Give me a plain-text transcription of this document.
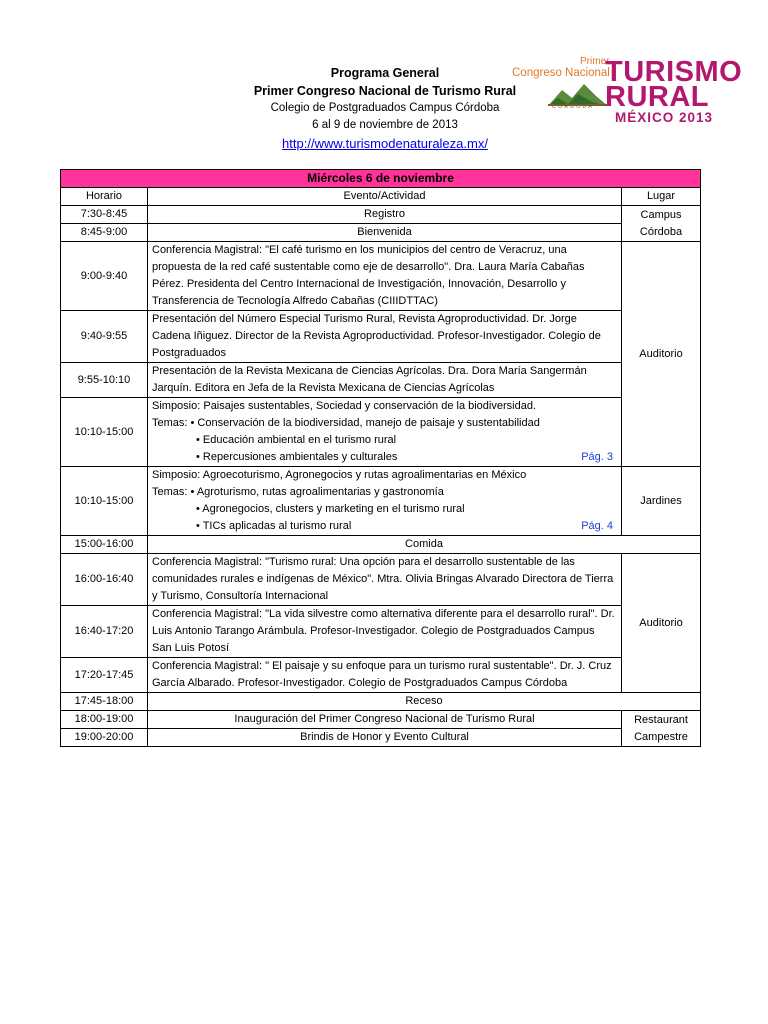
Programa General
Primer Congreso Nacional de Turismo Rural
Colegio de Postgraduados Campus Córdoba
6 al 9 de noviembre de 2013
http://www.turismodenaturaleza.mx/
Primer
Congreso Nacional
CÓRDOBA
TURISMO
RURAL
MÉXICO 2013
Miércoles 6 de noviembre		
Horario	Evento/Actividad	Lugar
7:30-8:45	Registro	Campus Córdoba
8:45-9:00	Bienvenida	
9:00-9:40	Conferencia Magistral: "El café turismo en los municipios del centro de Veracruz, una propuesta de la red café sustentable como eje de desarrollo". Dra. Laura María Cabañas Pérez. Presidenta del Centro Internacional de Investigación, Innovación, Desarrollo y Transferencia de Tecnología Alfredo Cabañas (CIIIDTTAC)	Auditorio
9:40-9:55	Presentación del Número Especial Turismo Rural, Revista Agroproductividad. Dr. Jorge Cadena Iñiguez. Director de la Revista Agroproductividad. Profesor-Investigador. Colegio de Postgraduados	
9:55-10:10	Presentación de la Revista Mexicana de Ciencias Agrícolas. Dra. Dora María Sangermán Jarquín. Editora en Jefa de la Revista Mexicana de Ciencias Agrícolas	
10:10-15:00	Simposio: Paisajes sustentables, Sociedad y conservación de la biodiversidad.
Temas: • Conservación de la biodiversidad, manejo de paisaje y sustentabilidad
• Educación ambiental en el turismo rural
• Repercusiones ambientales y culturales Pág. 3	

10:10-15:00	Simposio: Agroecoturismo, Agronegocios y rutas agroalimentarias en México
Temas: • Agroturismo, rutas agroalimentarias y gastronomía
• Agronegocios, clusters y marketing en el turismo rural
• TICs aplicadas al turismo rural Pág. 4	Jardines
15:00-16:00	Comida	
16:00-16:40	Conferencia Magistral: "Turismo rural: Una opción para el desarrollo sustentable de las comunidades rurales e indígenas de México". Mtra. Olivia Bringas Alvarado Directora de Tierra y Turismo, Consultoría Internacional	Auditorio
16:40-17:20	Conferencia Magistral: "La vida silvestre como alternativa diferente para el desarrollo rural". Dr. Luis Antonio Tarango Arámbula. Profesor-Investigador. Colegio de Postgraduados Campus San Luis Potosí	
17:20-17:45	Conferencia Magistral: " El paisaje y su enfoque para un turismo rural sustentable". Dr. J. Cruz García Albarado. Profesor-Investigador. Colegio de Postgraduados Campus Córdoba	
17:45-18:00	Receso	
18:00-19:00	Inauguración del Primer Congreso Nacional de Turismo Rural	Restaurant Campestre
19:00-20:00	Brindis de Honor y Evento Cultural	
